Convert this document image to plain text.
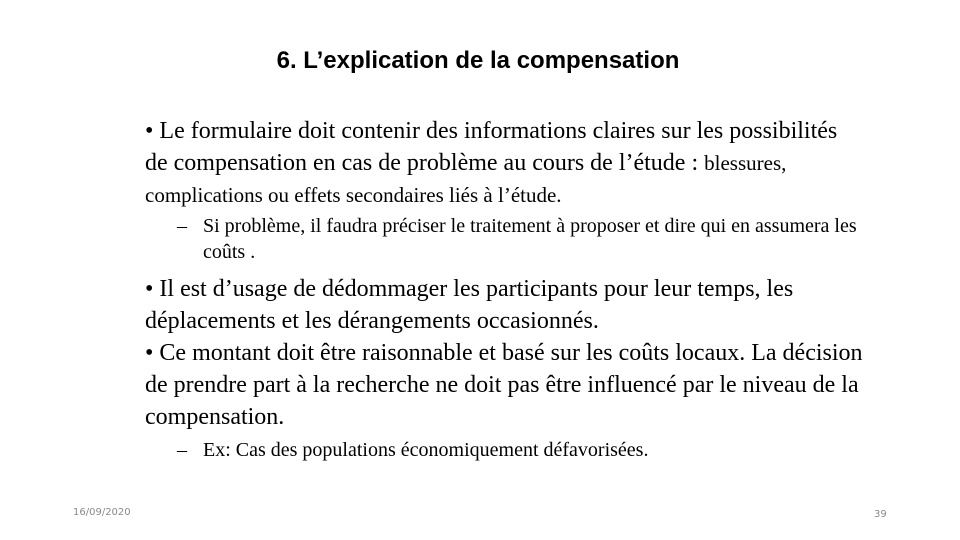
6. L’explication de la compensation

• Le formulaire doit contenir des informations claires sur les possibilités de compensation en cas de problème au cours de l’étude : blessures, complications ou effets secondaires liés à l’étude.

– Si problème, il faudra préciser le traitement à proposer et dire qui en assumera les coûts .

• Il est d’usage de dédommager les participants pour leur temps, les déplacements et les dérangements occasionnés.

• Ce montant doit être raisonnable et basé sur les coûts locaux. La décision de prendre part à la recherche ne doit pas être influencé par le niveau de la compensation.

– Ex: Cas des populations économiquement défavorisées.

16/09/2020	39
